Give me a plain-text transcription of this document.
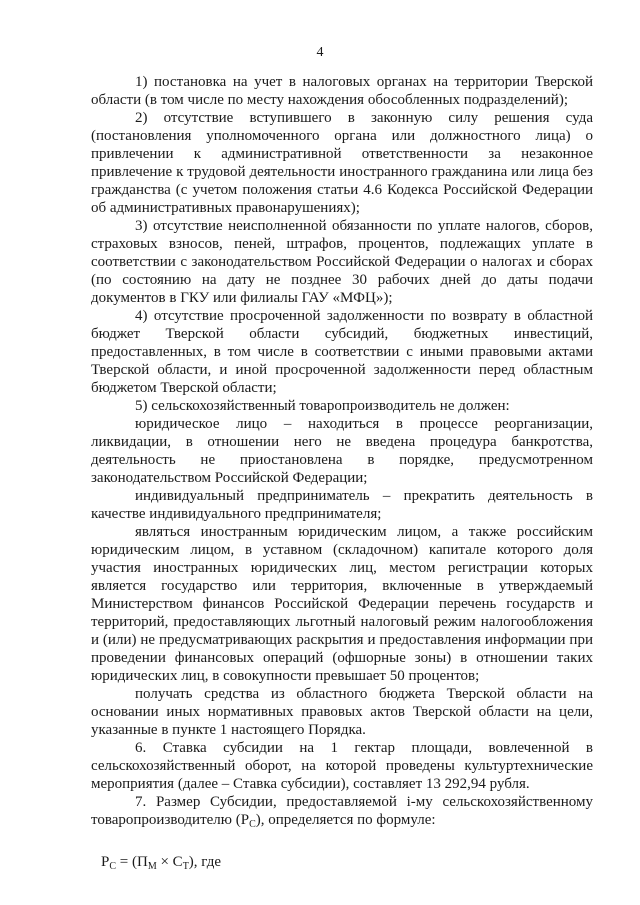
4

1) постановка на учет в налоговых органах на территории Тверской области (в том числе по месту нахождения обособленных подразделений);

2) отсутствие вступившего в законную силу решения суда (постановления уполномоченного органа или должностного лица) о привлечении к административной ответственности за незаконное привлечение к трудовой деятельности иностранного гражданина или лица без гражданства (с учетом положения статьи 4.6 Кодекса Российской Федерации об административных правонарушениях);

3) отсутствие неисполненной обязанности по уплате налогов, сборов, страховых взносов, пеней, штрафов, процентов, подлежащих уплате в соответствии с законодательством Российской Федерации о налогах и сборах (по состоянию на дату не позднее 30 рабочих дней до даты подачи документов в ГКУ или филиалы ГАУ «МФЦ»);

4) отсутствие просроченной задолженности по возврату в областной бюджет Тверской области субсидий, бюджетных инвестиций, предоставленных, в том числе в соответствии с иными правовыми актами Тверской области, и иной просроченной задолженности перед областным бюджетом Тверской области;

5) сельскохозяйственный товаропроизводитель не должен:

юридическое лицо – находиться в процессе реорганизации, ликвидации, в отношении него не введена процедура банкротства, деятельность не приостановлена в порядке, предусмотренном законодательством Российской Федерации;

индивидуальный предприниматель – прекратить деятельность в качестве индивидуального предпринимателя;

являться иностранным юридическим лицом, а также российским юридическим лицом, в уставном (складочном) капитале которого доля участия иностранных юридических лиц, местом регистрации которых является государство или территория, включенные в утверждаемый Министерством финансов Российской Федерации перечень государств и территорий, предоставляющих льготный налоговый режим налогообложения и (или) не предусматривающих раскрытия и предоставления информации при проведении финансовых операций (офшорные зоны) в отношении таких юридических лиц, в совокупности превышает 50 процентов;

получать средства из областного бюджета Тверской области на основании иных нормативных правовых актов Тверской области на цели, указанные в пункте 1 настоящего Порядка.

6. Ставка субсидии на 1 гектар площади, вовлеченной в сельскохозяйственный оборот, на которой проведены культуртехнические мероприятия (далее – Ставка субсидии), составляет 13 292,94 рубля.

7. Размер Субсидии, предоставляемой i-му сельскохозяйственному товаропроизводителю $(Р_С)$, определяется по формуле:

$Р_С = (П_М \times С_Т)$, где
